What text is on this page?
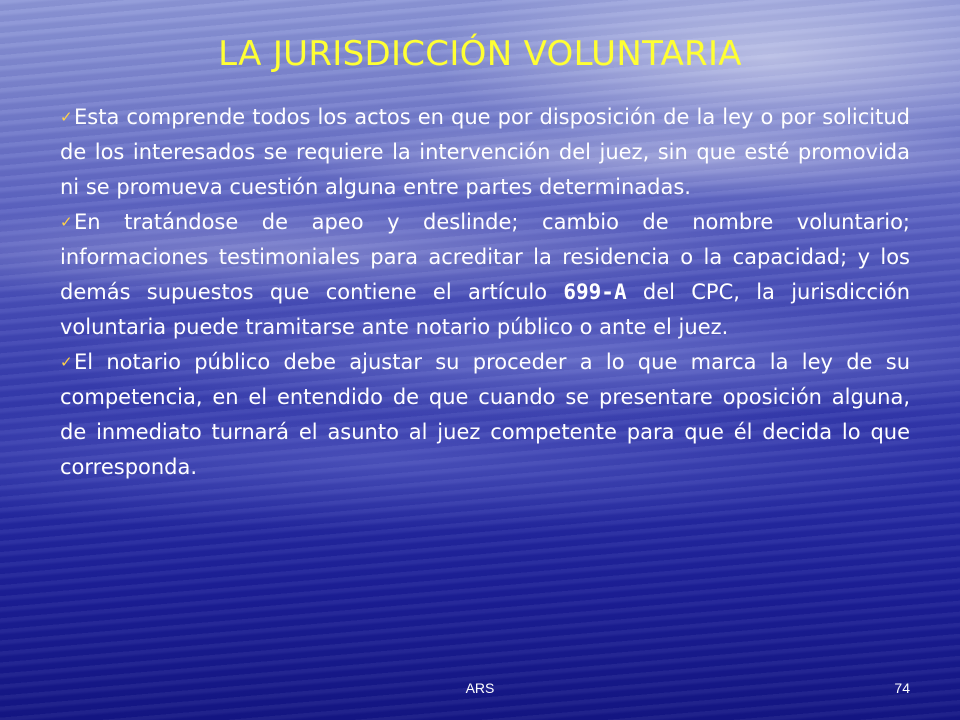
LA JURISDICCIÓN VOLUNTARIA

✓Esta comprende todos los actos en que por disposición de la ley o por solicitud de los interesados se requiere la intervención del juez, sin que esté promovida ni se promueva cuestión alguna entre partes determinadas.

✓En tratándose de apeo y deslinde; cambio de nombre voluntario; informaciones testimoniales para acreditar la residencia o la capacidad; y los demás supuestos que contiene el artículo 699-A del CPC, la jurisdicción voluntaria puede tramitarse ante notario público o ante el juez.

✓El notario público debe ajustar su proceder a lo que marca la ley de su competencia, en el entendido de que cuando se presentare oposición alguna, de inmediato turnará el asunto al juez competente para que él decida lo que corresponda.

ARS	74
